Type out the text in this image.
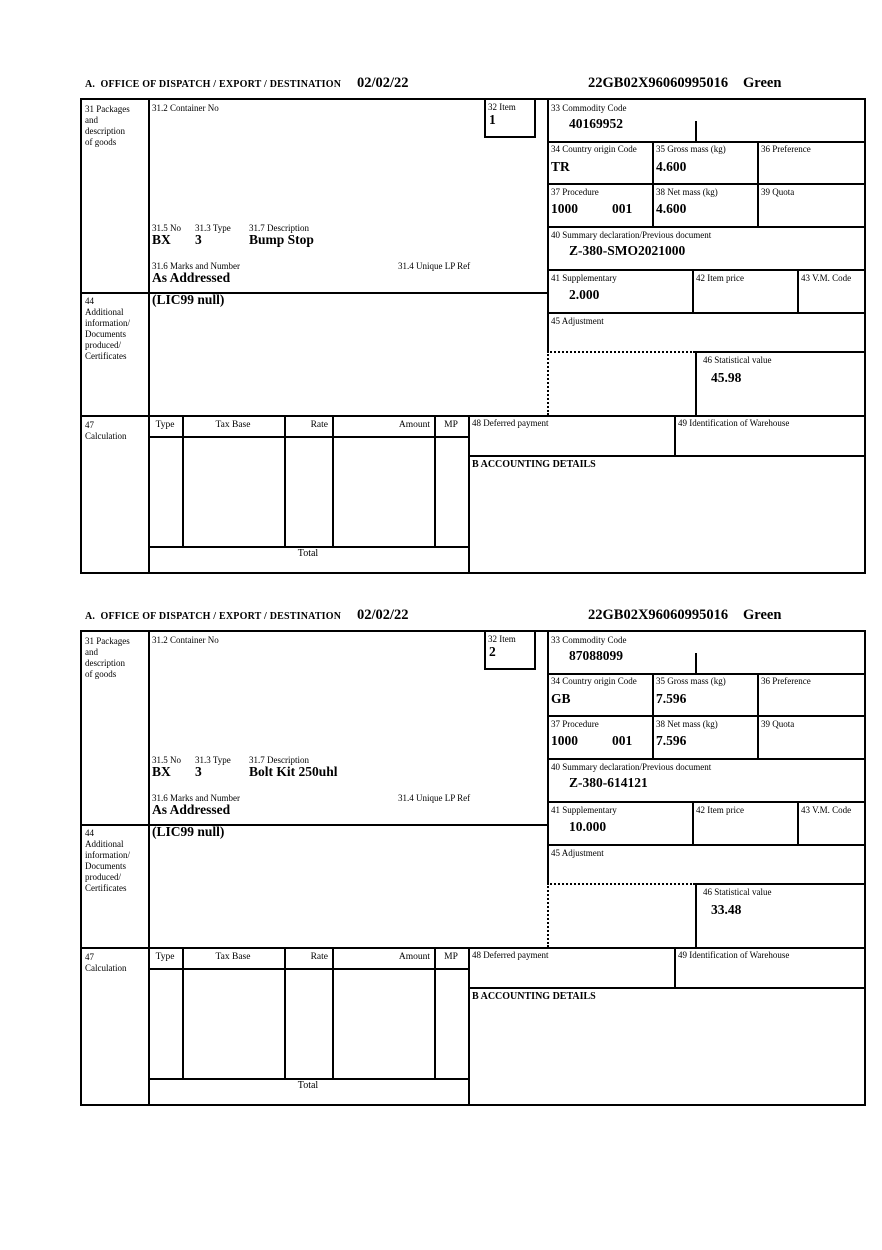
A.  OFFICE OF DISPATCH / EXPORT / DESTINATION 02/02/22	22GB02X96060995016 Green
31 Packages
and
description
of goods
44
Additional
information/
Documents
produced/
Certificates
47
Calculation
31.2 Container No	32 Item
1
31.5 No 31.3 Type 31.7 Description
BX 3	Bump Stop
31.6 Marks and Number	31.4 Unique LP Ref
As Addressed
(LIC99 null)
33 Commodity Code
40169952
34 Country origin Code
TR
35 Gross mass (kg)
4.600
36 Preference
37 Procedure
1000	001
38 Net mass (kg)
4.600
39 Quota
40 Summary declaration/Previous document
Z-380-SMO2021000
41 Supplementary
2.000
42 Item price	43 V.M. Code
45 Adjustment
46 Statistical value
45.98
Type	Tax Base	Rate	Amount	MP	48 Deferred payment	49 Identification of Warehouse
B ACCOUNTING DETAILS
Total
A.  OFFICE OF DISPATCH / EXPORT / DESTINATION 02/02/22	22GB02X96060995016 Green
31 Packages
and
description
of goods
44
Additional
information/
Documents
produced/
Certificates
47
Calculation
31.2 Container No	32 Item
2
31.5 No 31.3 Type 31.7 Description
BX 3	Bolt Kit 250uhl
31.6 Marks and Number	31.4 Unique LP Ref
As Addressed
(LIC99 null)
33 Commodity Code
87088099
34 Country origin Code
GB
35 Gross mass (kg)
7.596
36 Preference
37 Procedure
1000	001
38 Net mass (kg)
7.596
39 Quota
40 Summary declaration/Previous document
Z-380-614121
41 Supplementary
10.000
42 Item price	43 V.M. Code
45 Adjustment
46 Statistical value
33.48
Type	Tax Base	Rate	Amount	MP	48 Deferred payment	49 Identification of Warehouse
B ACCOUNTING DETAILS
Total
